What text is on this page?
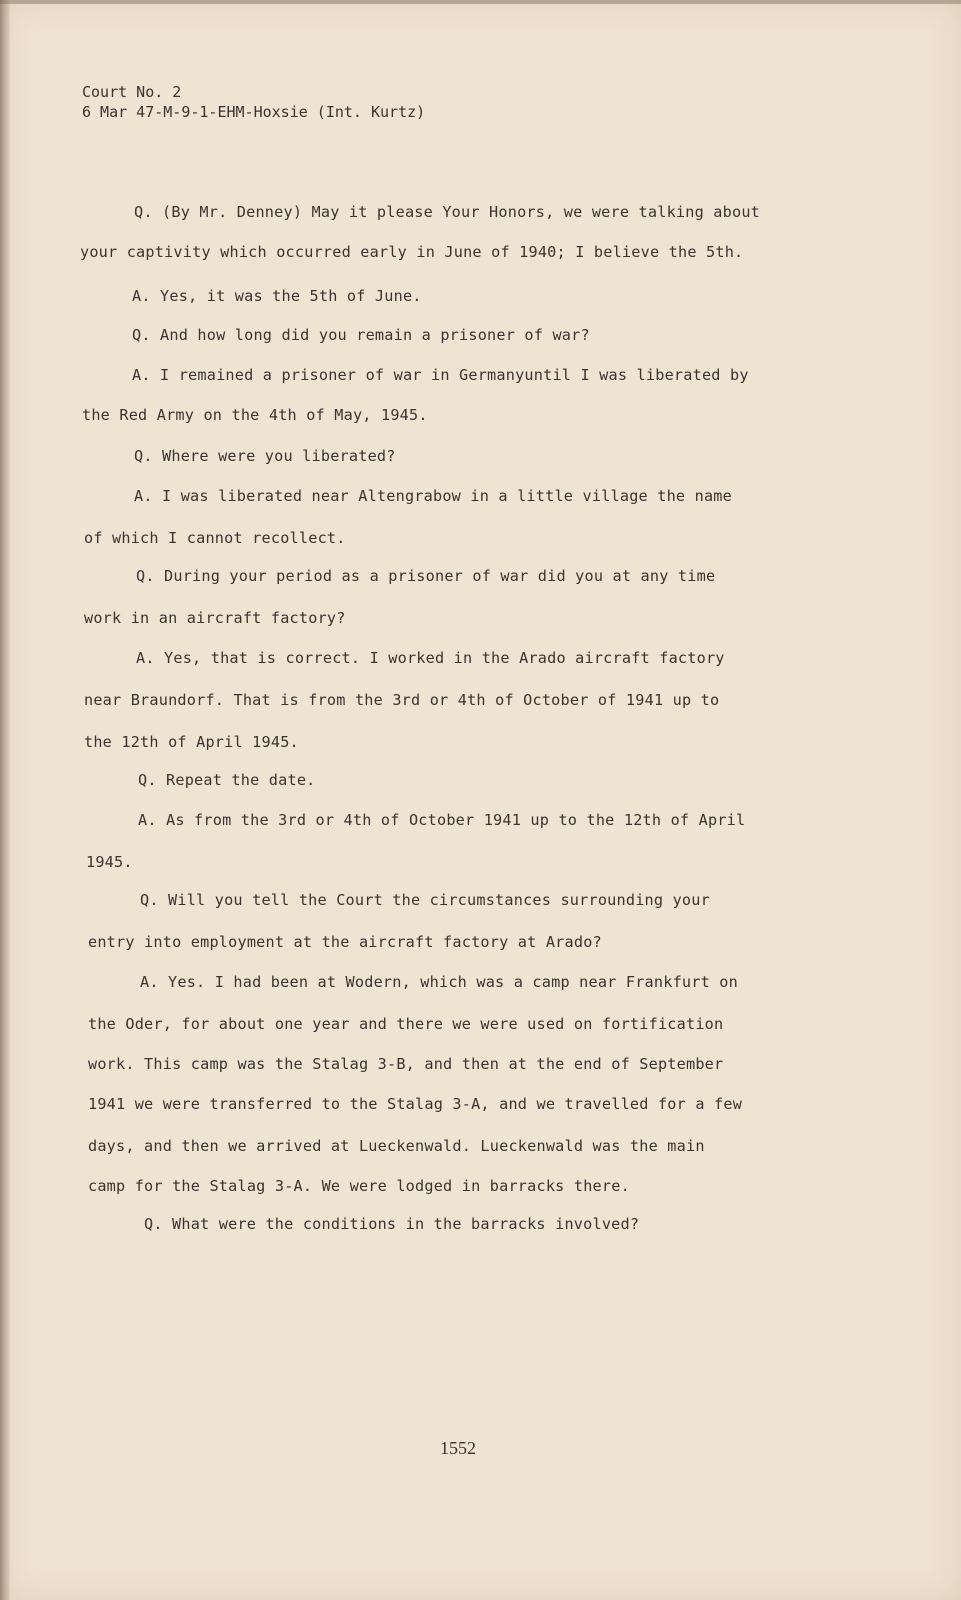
Court No. 2
6 Mar 47-M-9-1-EHM-Hoxsie (Int. Kurtz)
Q. (By Mr. Denney) May it please Your Honors, we were talking about
your captivity which occurred early in June of 1940; I believe the 5th.
A. Yes, it was the 5th of June.
Q. And how long did you remain a prisoner of war?
A. I remained a prisoner of war in Germanyuntil I was liberated by
the Red Army on the 4th of May, 1945.
Q. Where were you liberated?
A. I was liberated near Altengrabow in a little village the name
of which I cannot recollect.
Q. During your period as a prisoner of war did you at any time
work in an aircraft factory?
A. Yes, that is correct. I worked in the Arado aircraft factory
near Braundorf. That is from the 3rd or 4th of October of 1941 up to
the 12th of April 1945.
Q. Repeat the date.
A. As from the 3rd or 4th of October 1941 up to the 12th of April
1945.
Q. Will you tell the Court the circumstances surrounding your
entry into employment at the aircraft factory at Arado?
A. Yes. I had been at Wodern, which was a camp near Frankfurt on
the Oder, for about one year and there we were used on fortification
work. This camp was the Stalag 3-B, and then at the end of September
1941 we were transferred to the Stalag 3-A, and we travelled for a few
days, and then we arrived at Lueckenwald. Lueckenwald was the main
camp for the Stalag 3-A. We were lodged in barracks there.
Q. What were the conditions in the barracks involved?
1552
